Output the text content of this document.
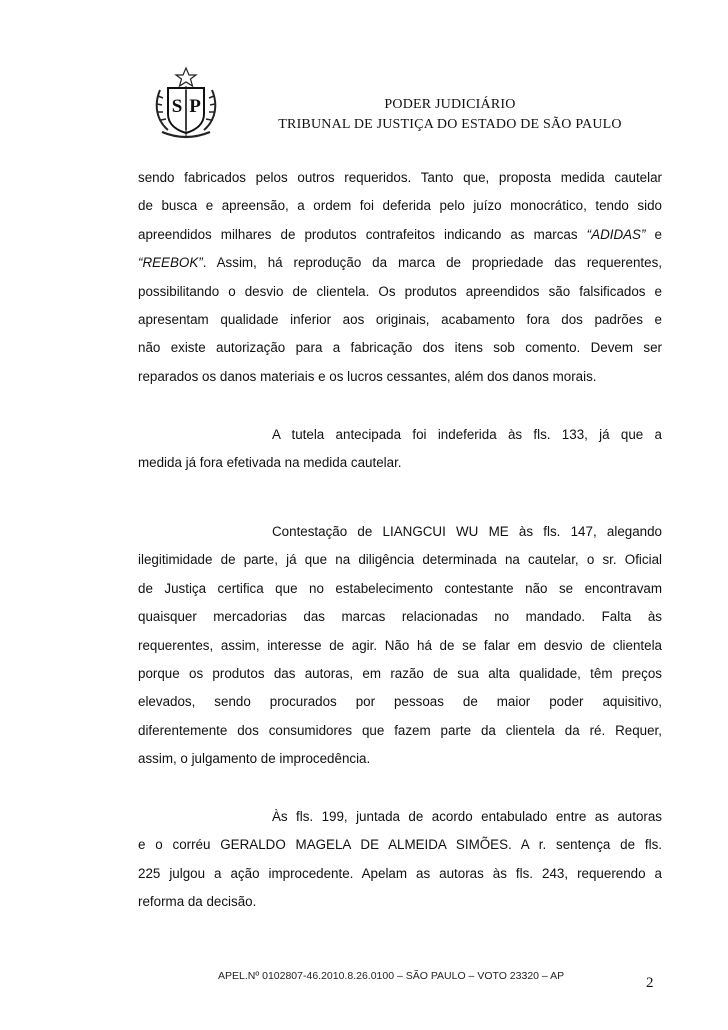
S P	PODER JUDICIÁRIO
TRIBUNAL DE JUSTIÇA DO ESTADO DE SÃO PAULO
sendo fabricados pelos outros requeridos. Tanto que, proposta medida cautelar
de busca e apreensão, a ordem foi deferida pelo juízo monocrático, tendo sido
apreendidos milhares de produtos contrafeitos indicando as marcas “ADIDAS” e
“REEBOK”. Assim, há reprodução da marca de propriedade das requerentes,
possibilitando o desvio de clientela. Os produtos apreendidos são falsificados e
apresentam qualidade inferior aos originais, acabamento fora dos padrões e
não existe autorização para a fabricação dos itens sob comento. Devem ser
reparados os danos materiais e os lucros cessantes, além dos danos morais.
A tutela antecipada foi indeferida às fls. 133, já que a
medida já fora efetivada na medida cautelar.
Contestação de LIANGCUI WU ME às fls. 147, alegando
ilegitimidade de parte, já que na diligência determinada na cautelar, o sr. Oficial
de Justiça certifica que no estabelecimento contestante não se encontravam
quaisquer mercadorias das marcas relacionadas no mandado. Falta às
requerentes, assim, interesse de agir. Não há de se falar em desvio de clientela
porque os produtos das autoras, em razão de sua alta qualidade, têm preços
elevados, sendo procurados por pessoas de maior poder aquisitivo,
diferentemente dos consumidores que fazem parte da clientela da ré. Requer,
assim, o julgamento de improcedência.
Às fls. 199, juntada de acordo entabulado entre as autoras
e o corréu GERALDO MAGELA DE ALMEIDA SIMÕES. A r. sentença de fls.
225 julgou a ação improcedente. Apelam as autoras às fls. 243, requerendo a
reforma da decisão.
APEL.Nº 0102807-46.2010.8.26.0100 – SÃO PAULO – VOTO 23320 – AP	2
